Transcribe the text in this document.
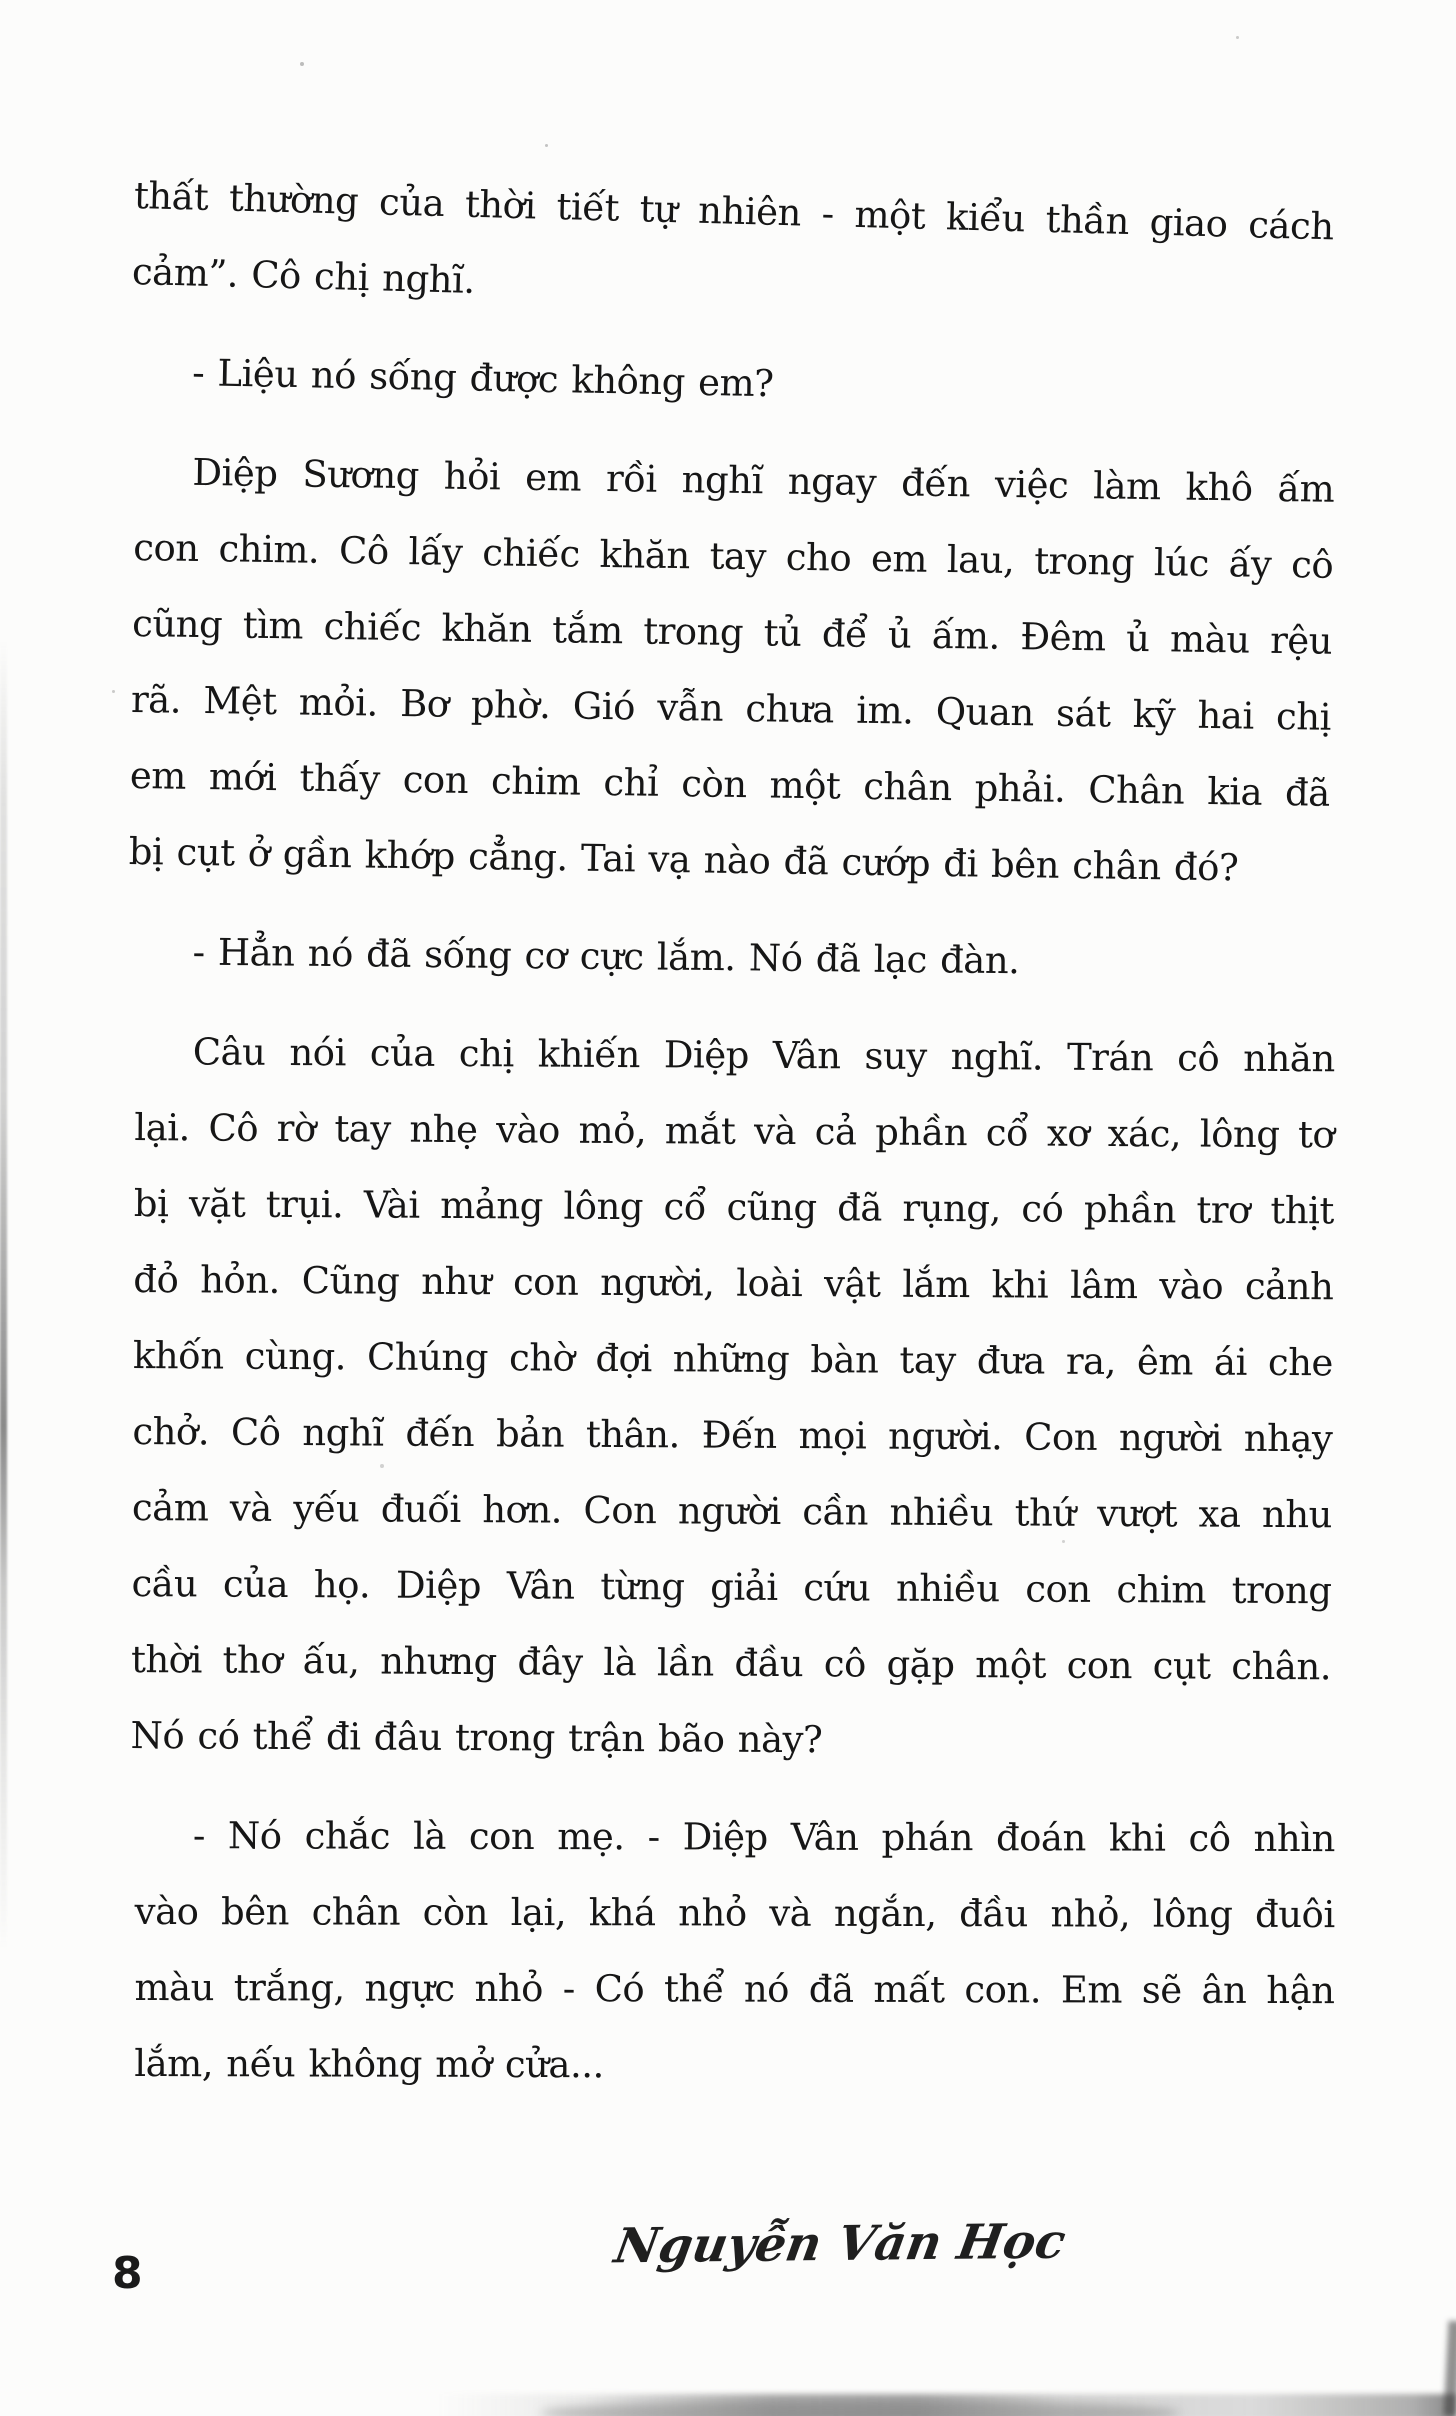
thất thường của thời tiết tự nhiên - một kiểu thần giao cách
cảm”. Cô chị nghĩ.
- Liệu nó sống được không em?
Diệp Sương hỏi em rồi nghĩ ngay đến việc làm khô ấm
con chim. Cô lấy chiếc khăn tay cho em lau, trong lúc ấy cô
cũng tìm chiếc khăn tắm trong tủ để ủ ấm. Đêm ủ màu rệu
rã. Mệt mỏi. Bơ phờ. Gió vẫn chưa im. Quan sát kỹ hai chị
em mới thấy con chim chỉ còn một chân phải. Chân kia đã
bị cụt ở gần khớp cẳng. Tai vạ nào đã cướp đi bên chân đó?
- Hẳn nó đã sống cơ cực lắm. Nó đã lạc đàn.
Câu nói của chị khiến Diệp Vân suy nghĩ. Trán cô nhăn
lại. Cô rờ tay nhẹ vào mỏ, mắt và cả phần cổ xơ xác, lông tơ
bị vặt trụi. Vài mảng lông cổ cũng đã rụng, có phần trơ thịt
đỏ hỏn. Cũng như con người, loài vật lắm khi lâm vào cảnh
khốn cùng. Chúng chờ đợi những bàn tay đưa ra, êm ái che
chở. Cô nghĩ đến bản thân. Đến mọi người. Con người nhạy
cảm và yếu đuối hơn. Con người cần nhiều thứ vượt xa nhu
cầu của họ. Diệp Vân từng giải cứu nhiều con chim trong
thời thơ ấu, nhưng đây là lần đầu cô gặp một con cụt chân.
Nó có thể đi đâu trong trận bão này?
- Nó chắc là con mẹ. - Diệp Vân phán đoán khi cô nhìn
vào bên chân còn lại, khá nhỏ và ngắn, đầu nhỏ, lông đuôi
màu trắng, ngực nhỏ - Có thể nó đã mất con. Em sẽ ân hận
lắm, nếu không mở cửa...
8	Nguyễn Văn Học
